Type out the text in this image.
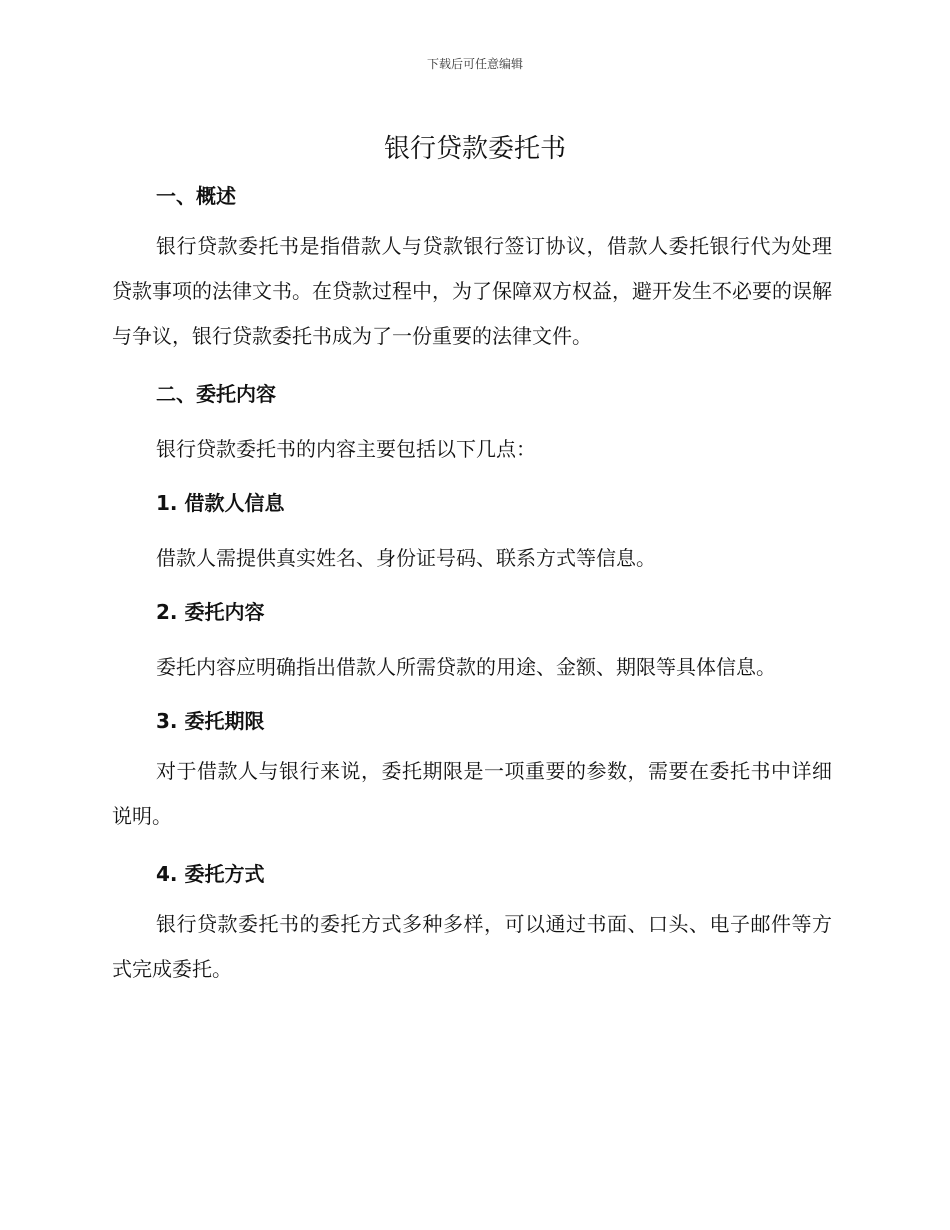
下载后可任意编辑
银行贷款委托书
一、概述

银行贷款委托书是指借款人与贷款银行签订协议，借款人委托银行代为处理贷款事项的法律文书。在贷款过程中，为了保障双方权益，避开发生不必要的误解与争议，银行贷款委托书成为了一份重要的法律文件。

二、委托内容

银行贷款委托书的内容主要包括以下几点：

1. 借款人信息

借款人需提供真实姓名、身份证号码、联系方式等信息。

2. 委托内容

委托内容应明确指出借款人所需贷款的用途、金额、期限等具体信息。

3. 委托期限

对于借款人与银行来说，委托期限是一项重要的参数，需要在委托书中详细说明。

4. 委托方式

银行贷款委托书的委托方式多种多样，可以通过书面、口头、电子邮件等方式完成委托。
